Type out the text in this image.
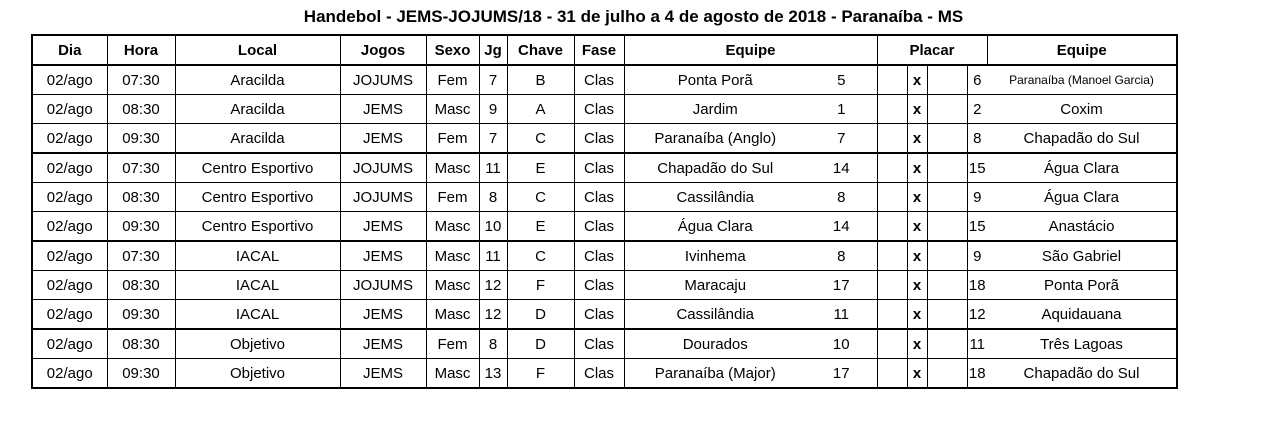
Handebol - JEMS-JOJUMS/18 - 31 de julho a 4 de agosto de 2018 - Paranaíba - MS
Dia	Hora	Local	Jogos	Sexo	Jg	Chave	Fase	Equipe		Placar				Equipe
02/ago	07:30	Aracilda	JOJUMS	Fem	7	B	Clas	Ponta Porã	5		x		6	Paranaíba (Manoel Garcia)
02/ago	08:30	Aracilda	JEMS	Masc	9	A	Clas	Jardim	1		x		2	Coxim
02/ago	09:30	Aracilda	JEMS	Fem	7	C	Clas	Paranaíba (Anglo)	7		x		8	Chapadão do Sul
02/ago	07:30	Centro Esportivo	JOJUMS	Masc	11	E	Clas	Chapadão do Sul	14		x		15	Água Clara
02/ago	08:30	Centro Esportivo	JOJUMS	Fem	8	C	Clas	Cassilândia	8		x		9	Água Clara
02/ago	09:30	Centro Esportivo	JEMS	Masc	10	E	Clas	Água Clara	14		x		15	Anastácio
02/ago	07:30	IACAL	JEMS	Masc	11	C	Clas	Ivinhema	8		x		9	São Gabriel
02/ago	08:30	IACAL	JOJUMS	Masc	12	F	Clas	Maracaju	17		x		18	Ponta Porã
02/ago	09:30	IACAL	JEMS	Masc	12	D	Clas	Cassilândia	11		x		12	Aquidauana
02/ago	08:30	Objetivo	JEMS	Fem	8	D	Clas	Dourados	10		x		11	Três Lagoas
02/ago	09:30	Objetivo	JEMS	Masc	13	F	Clas	Paranaíba (Major)	17		x		18	Chapadão do Sul
